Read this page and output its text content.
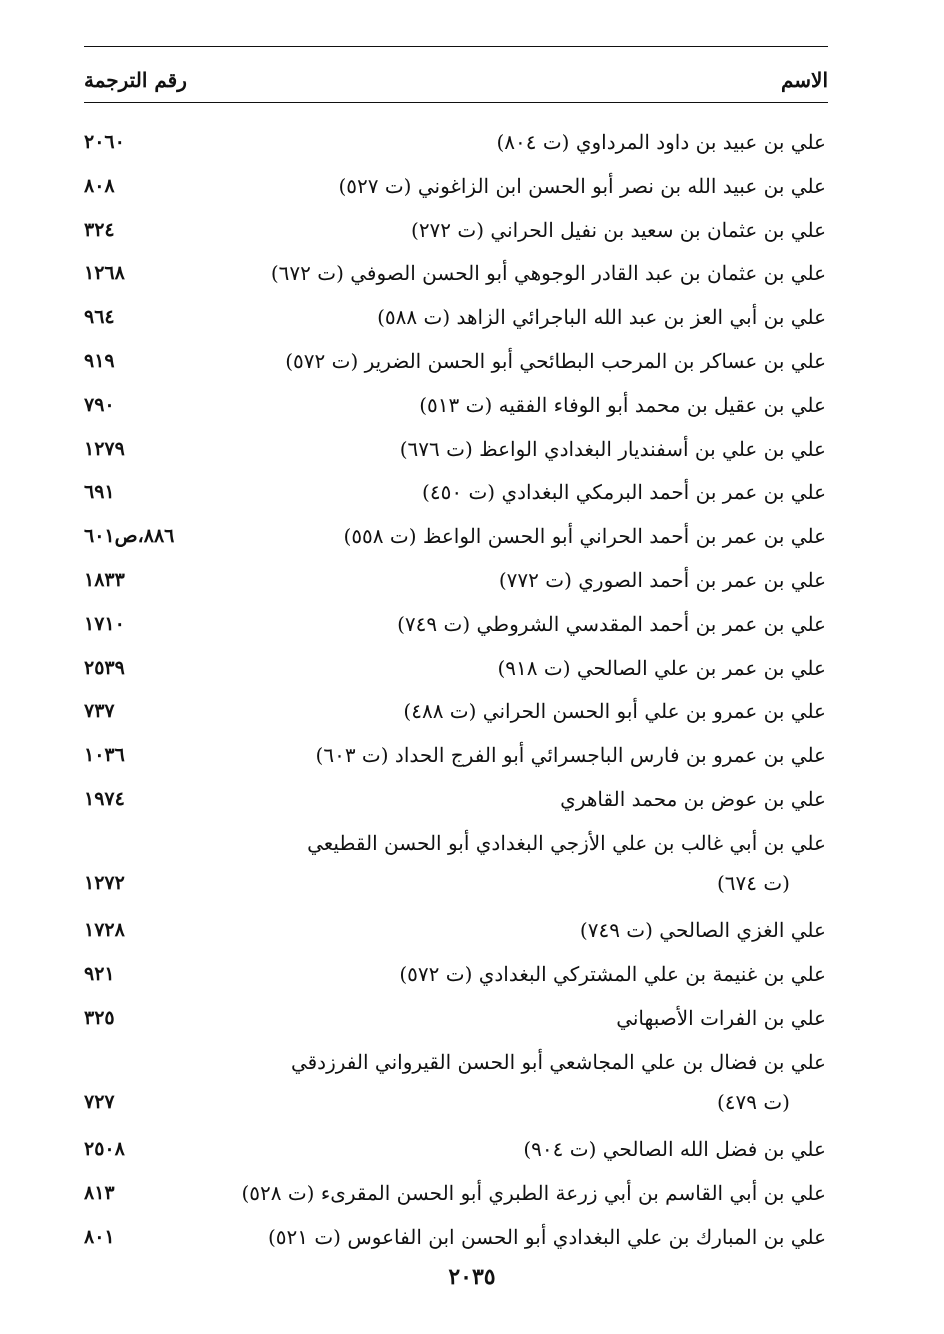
الاسم
رقم الترجمة
علي بن عبيد بن داود المرداوي (ت ٨٠٤)
٢٠٦٠
علي بن عبيد الله بن نصر أبو الحسن ابن الزاغوني (ت ٥٢٧)
٨٠٨
علي بن عثمان بن سعيد بن نفيل الحراني (ت ٢٧٢)
٣٢٤
علي بن عثمان بن عبد القادر الوجوهي أبو الحسن الصوفي (ت ٦٧٢)
١٢٦٨
علي بن أبي العز بن عبد الله الباجرائي الزاهد (ت ٥٨٨)
٩٦٤
علي بن عساكر بن المرحب البطائحي أبو الحسن الضرير (ت ٥٧٢)
٩١٩
علي بن عقيل بن محمد أبو الوفاء الفقيه (ت ٥١٣)
٧٩٠
علي بن علي بن أسفنديار البغدادي الواعظ (ت ٦٧٦)
١٢٧٩
علي بن عمر بن أحمد البرمكي البغدادي (ت ٤٥٠)
٦٩١
علي بن عمر بن أحمد الحراني أبو الحسن الواعظ (ت ٥٥٨)
٨٨٦،ص٦٠١
علي بن عمر بن أحمد الصوري (ت ٧٧٢)
١٨٣٣
علي بن عمر بن أحمد المقدسي الشروطي (ت ٧٤٩)
١٧١٠
علي بن عمر بن علي الصالحي (ت ٩١٨)
٢٥٣٩
علي بن عمرو بن علي أبو الحسن الحراني (ت ٤٨٨)
٧٣٧
علي بن عمرو بن فارس الباجسرائي أبو الفرج الحداد (ت ٦٠٣)
١٠٣٦
علي بن عوض بن محمد القاهري
١٩٧٤
علي بن أبي غالب بن علي الأزجي البغدادي أبو الحسن القطيعي
(ت ٦٧٤)
١٢٧٢
علي الغزي الصالحي (ت ٧٤٩)
١٧٢٨
علي بن غنيمة بن علي المشتركي البغدادي (ت ٥٧٢)
٩٢١
علي بن الفرات الأصبهاني
٣٢٥
علي بن فضال بن علي المجاشعي أبو الحسن القيرواني الفرزدقي
(ت ٤٧٩)
٧٢٧
علي بن فضل الله الصالحي (ت ٩٠٤)
٢٥٠٨
علي بن أبي القاسم بن أبي زرعة الطبري أبو الحسن المقرىء (ت ٥٢٨)
٨١٣
علي بن المبارك بن علي البغدادي أبو الحسن ابن الفاعوس (ت ٥٢١)
٨٠١
٢٠٣٥
